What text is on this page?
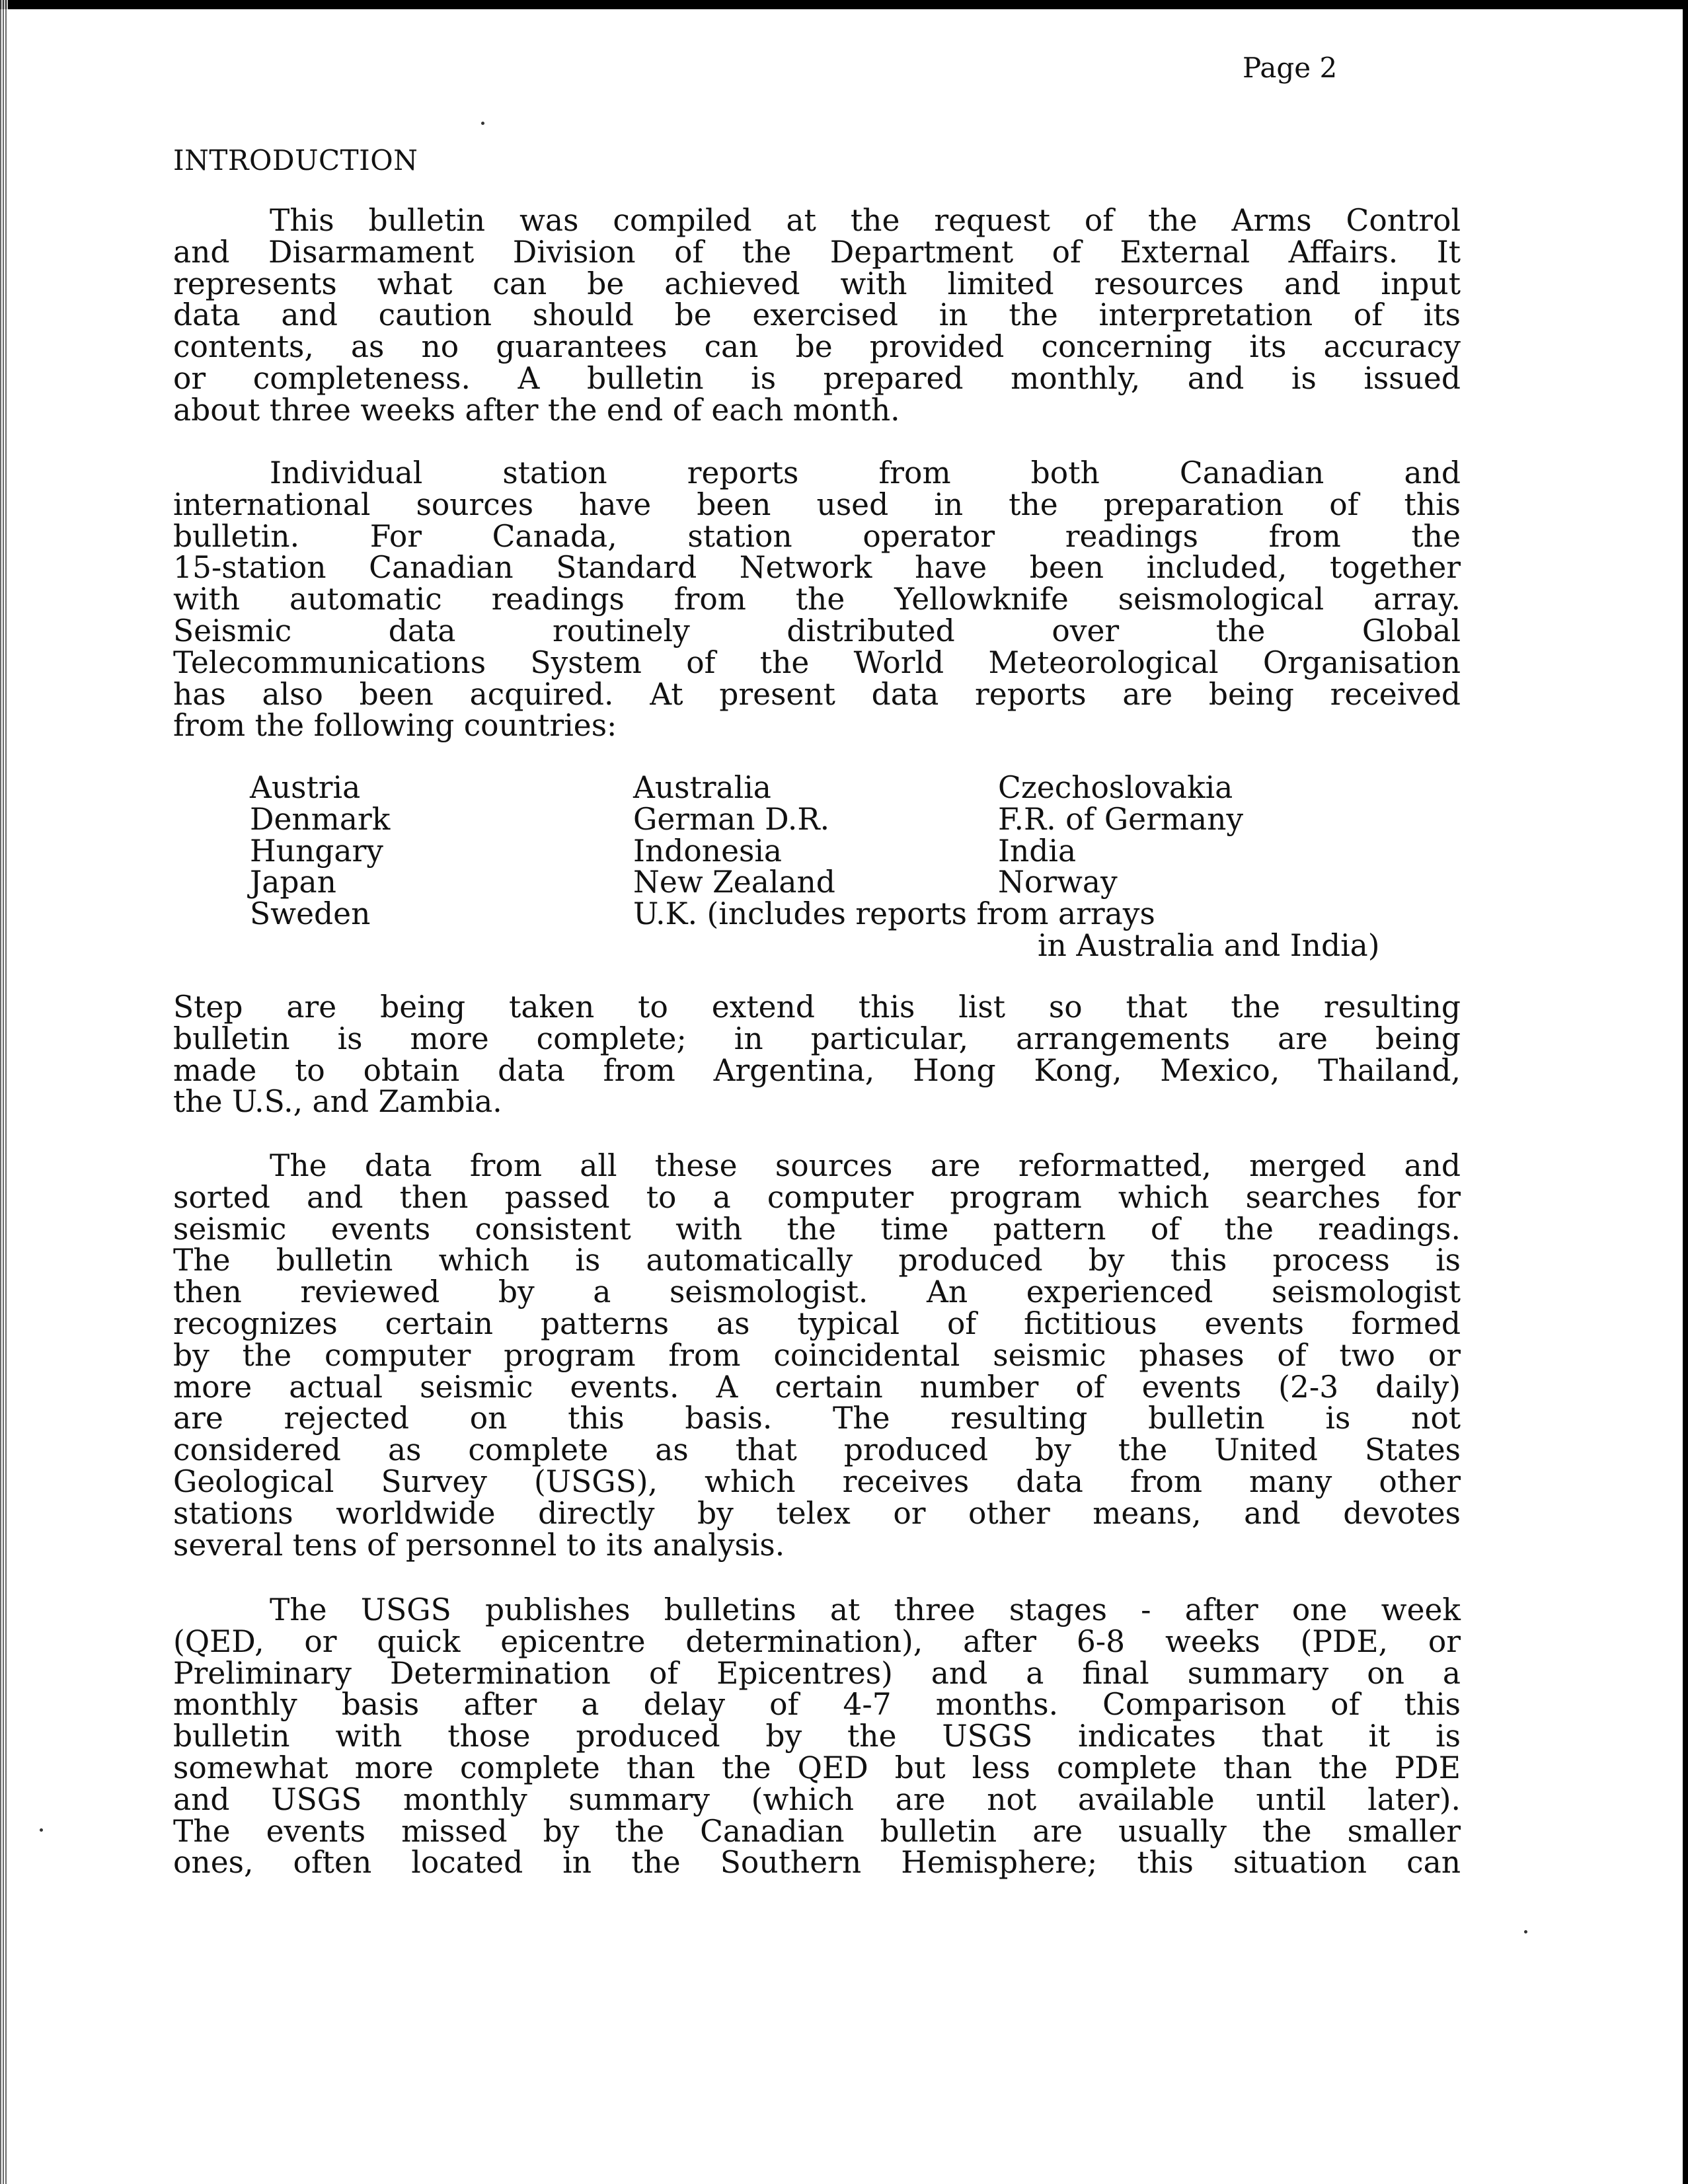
Page 2
INTRODUCTION
This bulletin was compiled at the request of the Arms Control
and Disarmament Division of the Department of External Affairs. It
represents what can be achieved with limited resources and input
data and caution should be exercised in the interpretation of its
contents, as no guarantees can be provided concerning its accuracy
or completeness. A bulletin is prepared monthly, and is issued
about three weeks after the end of each month.
Individual station reports from both Canadian and
international sources have been used in the preparation of this
bulletin. For Canada, station operator readings from the
15-station Canadian Standard Network have been included, together
with automatic readings from the Yellowknife seismological array.
Seismic data routinely distributed over the Global
Telecommunications System of the World Meteorological Organisation
has also been acquired. At present data reports are being received
from the following countries:
Austria	Australia	Czechoslovakia
Denmark	German D.R.	F.R. of Germany
Hungary	Indonesia	India
Japan	New Zealand	Norway
Sweden	U.K. (includes reports from arrays
in Australia and India)
Step are being taken to extend this list so that the resulting
bulletin is more complete; in particular, arrangements are being
made to obtain data from Argentina, Hong Kong, Mexico, Thailand,
the U.S., and Zambia.
The data from all these sources are reformatted, merged and
sorted and then passed to a computer program which searches for
seismic events consistent with the time pattern of the readings.
The bulletin which is automatically produced by this process is
then reviewed by a seismologist. An experienced seismologist
recognizes certain patterns as typical of fictitious events formed
by the computer program from coincidental seismic phases of two or
more actual seismic events. A certain number of events (2-3 daily)
are rejected on this basis. The resulting bulletin is not
considered as complete as that produced by the United States
Geological Survey (USGS), which receives data from many other
stations worldwide directly by telex or other means, and devotes
several tens of personnel to its analysis.
The USGS publishes bulletins at three stages - after one week
(QED, or quick epicentre determination), after 6-8 weeks (PDE, or
Preliminary Determination of Epicentres) and a final summary on a
monthly basis after a delay of 4-7 months. Comparison of this
bulletin with those produced by the USGS indicates that it is
somewhat more complete than the QED but less complete than the PDE
and USGS monthly summary (which are not available until later).
The events missed by the Canadian bulletin are usually the smaller
ones, often located in the Southern Hemisphere; this situation can
